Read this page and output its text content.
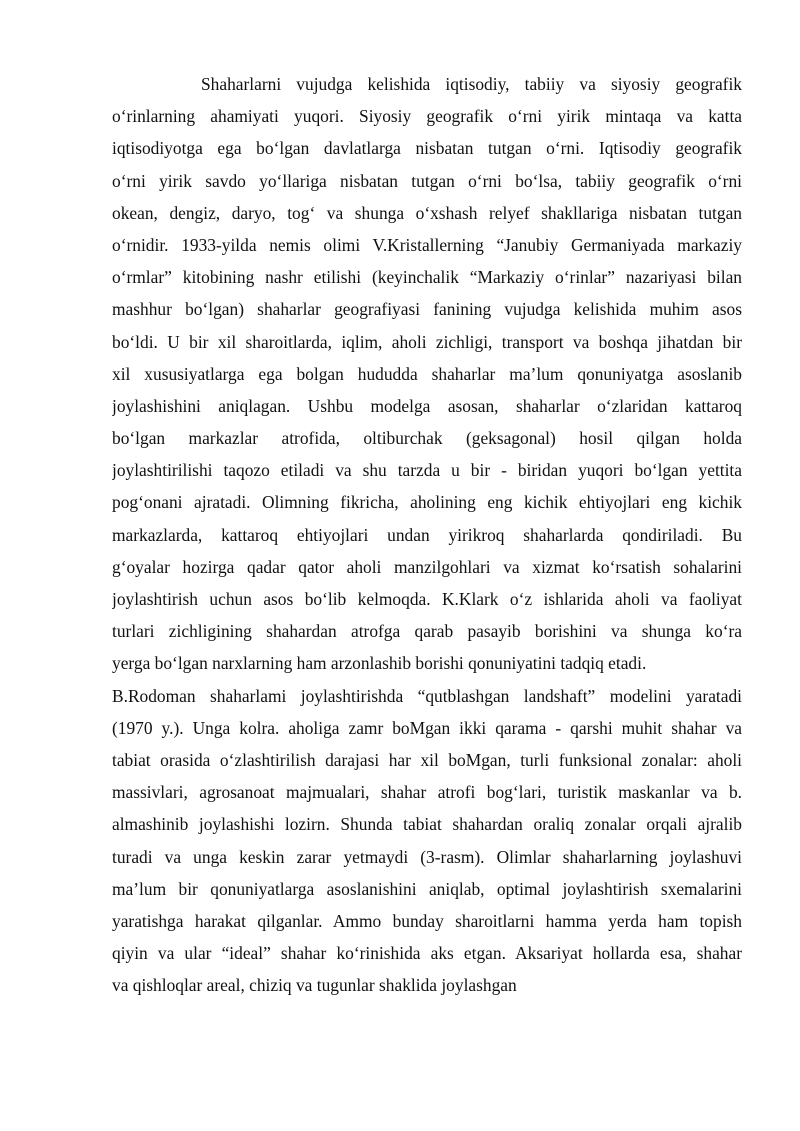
Shaharlarni vujudga kelishida iqtisodiy, tabiiy va siyosiy geografik
o‘rinlarning ahamiyati yuqori. Siyosiy geografik o‘rni yirik mintaqa va katta
iqtisodiyotga ega bo‘lgan davlatlarga nisbatan tutgan o‘rni. Iqtisodiy geografik
o‘rni yirik savdo yo‘llariga nisbatan tutgan o‘rni bo‘lsa, tabiiy geografik o‘rni
okean, dengiz, daryo, tog‘ va shunga o‘xshash relyef shakllariga nisbatan tutgan
o‘rnidir. 1933-yilda nemis olimi V.Kristallerning “Janubiy Germaniyada markaziy
o‘rmlar” kitobining nashr etilishi (keyinchalik “Markaziy o‘rinlar” nazariyasi bilan
mashhur bo‘lgan) shaharlar geografiyasi fanining vujudga kelishida muhim asos
bo‘ldi. U bir xil sharoitlarda, iqlim, aholi zichligi, transport va boshqa jihatdan bir
xil xususiyatlarga ega bolgan hududda shaharlar ma’lum qonuniyatga asoslanib
joylashishini aniqlagan. Ushbu modelga asosan, shaharlar o‘zlaridan kattaroq
bo‘lgan markazlar atrofida, oltiburchak (geksagonal) hosil qilgan holda
joylashtirilishi taqozo etiladi va shu tarzda u bir - biridan yuqori bo‘lgan yettita
pog‘onani ajratadi. Olimning fikricha, aholining eng kichik ehtiyojlari eng kichik
markazlarda, kattaroq ehtiyojlari undan yirikroq shaharlarda qondiriladi. Bu
g‘oyalar hozirga qadar qator aholi manzilgohlari va xizmat ko‘rsatish sohalarini
joylashtirish uchun asos bo‘lib kelmoqda. K.Klark o‘z ishlarida aholi va faoliyat
turlari zichligining shahardan atrofga qarab pasayib borishini va shunga ko‘ra
yerga bo‘lgan narxlarning ham arzonlashib borishi qonuniyatini tadqiq etadi.
B.Rodoman shaharlami joylashtirishda “qutblashgan landshaft” modelini yaratadi
(1970 y.). Unga kolra. aholiga zamr boMgan ikki qarama - qarshi muhit shahar va
tabiat orasida o‘zlashtirilish darajasi har xil boMgan, turli funksional zonalar: aholi
massivlari, agrosanoat majmualari, shahar atrofi bog‘lari, turistik maskanlar va b.
almashinib joylashishi lozirn. Shunda tabiat shahardan oraliq zonalar orqali ajralib
turadi va unga keskin zarar yetmaydi (3-rasm). Olimlar shaharlarning joylashuvi
ma’lum bir qonuniyatlarga asoslanishini aniqlab, optimal joylashtirish sxemalarini
yaratishga harakat qilganlar. Ammo bunday sharoitlarni hamma yerda ham topish
qiyin va ular “ideal” shahar ko‘rinishida aks etgan. Aksariyat hollarda esa, shahar
va qishloqlar areal, chiziq va tugunlar shaklida joylashgan
